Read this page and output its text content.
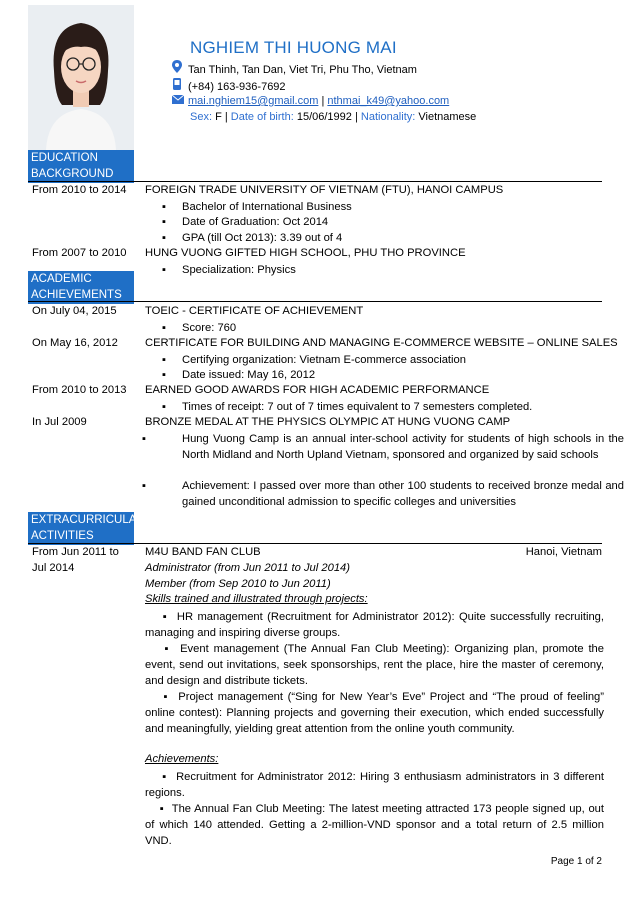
NGHIEM THI HUONG MAI
Tan Thinh, Tan Dan, Viet Tri, Phu Tho, Vietnam
(+84) 163-936-7692
mai.nghiem15@gmail.com | nthmai_k49@yahoo.com
Sex: F | Date of birth: 15/06/1992 | Nationality: Vietnamese
EDUCATION BACKGROUND
From 2010 to 2014 FOREIGN TRADE UNIVERSITY OF VIETNAM (FTU), HANOI CAMPUS
▪ Bachelor of International Business
▪ Date of Graduation: Oct 2014
▪ GPA (till Oct 2013): 3.39 out of 4
From 2007 to 2010 HUNG VUONG GIFTED HIGH SCHOOL, PHU THO PROVINCE
▪ Specialization: Physics
ACADEMIC ACHIEVEMENTS
On July 04, 2015	TOEIC - CERTIFICATE OF ACHIEVEMENT
▪ Score: 760
On May 16, 2012 CERTIFICATE FOR BUILDING AND MANAGING E-COMMERCE WEBSITE – ONLINE SALES
▪ Certifying organization: Vietnam E-commerce association
▪ Date issued: May 16, 2012
From 2010 to 2013 EARNED GOOD AWARDS FOR HIGH ACADEMIC PERFORMANCE
▪ Times of receipt: 7 out of 7 times equivalent to 7 semesters completed.
In Jul 2009	BRONZE MEDAL AT THE PHYSICS OLYMPIC AT HUNG VUONG CAMP
▪	Hung Vuong Camp is an annual inter-school activity for students of high schools in the North Midland and North Upland Vietnam, sponsored and organized by said schools
▪	Achievement: I passed over more than other 100 students to received bronze medal and gained unconditional admission to specific colleges and universities
EXTRACURRICULAR ACTIVITIES
From Jun 2011 to
Jul 2014
M4U BAND FAN CLUB	Hanoi, Vietnam
Administrator (from Jun 2011 to Jul 2014)
Member (from Sep 2010 to Jun 2011)
Skills trained and illustrated through projects:
▪  HR management (Recruitment for Administrator 2012): Quite successfully recruiting, managing and inspiring diverse groups.
▪  Event management (The Annual Fan Club Meeting): Organizing plan, promote the event, send out invitations, seek sponsorships, rent the place, hire the master of ceremony, and design and distribute tickets.
▪  Project management (“Sing for New Year’s Eve” Project and “The proud of feeling” online contest): Planning projects and governing their execution, which ended successfully and meaningfully, yielding great attention from the online youth community.
Achievements:
▪  Recruitment for Administrator 2012: Hiring 3 enthusiasm administrators in 3 different regions.
▪  The Annual Fan Club Meeting: The latest meeting attracted 173 people signed up, out of which 140 attended. Getting a 2-million-VND sponsor and a total return of 2.5 million VND.
Page 1 of 2
